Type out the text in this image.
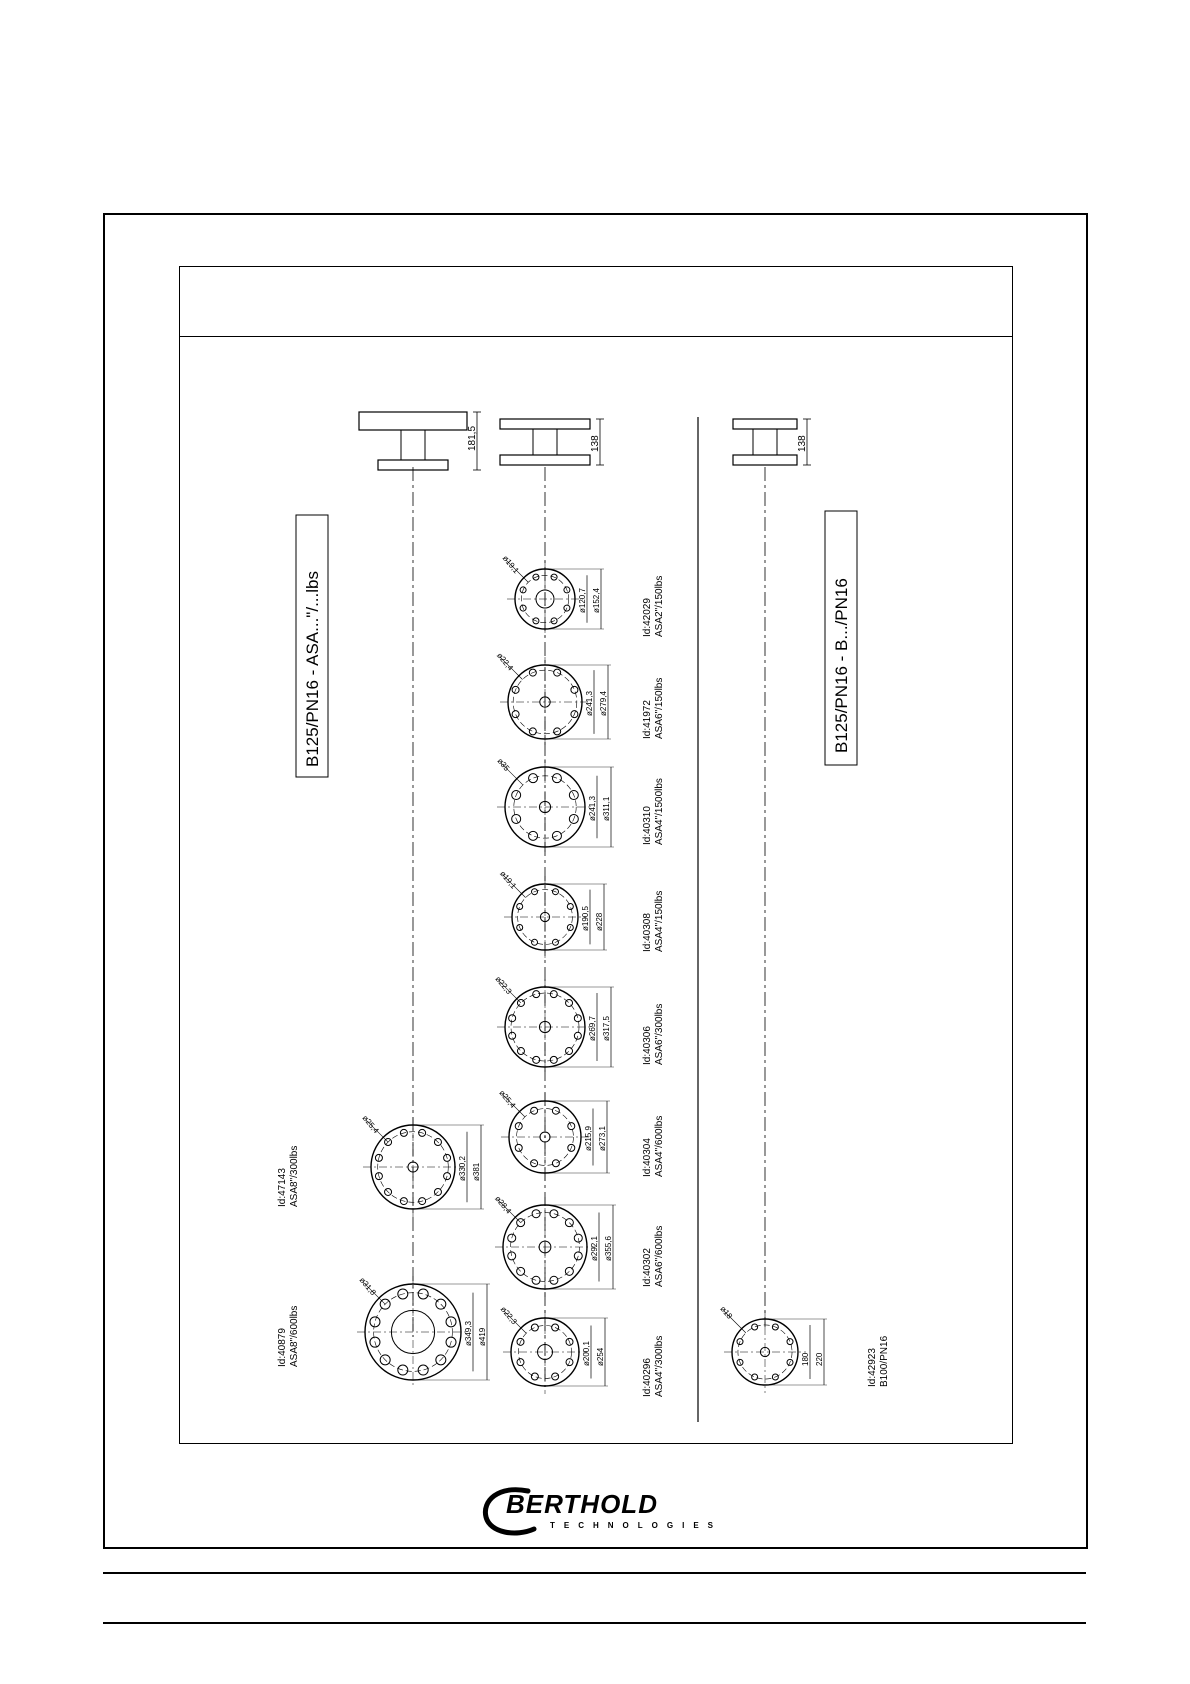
B125/PN16 - ASA..."/...lbs	B125/PN16 - B.../PN16
181,5	138	138
ø349,3 ø419
ø31,8
Id:40879 ASA8"/600lbs
ø330,2 ø381
ø25,4
Id:47143 ASA8"/300lbs
ø200,1 ø254
ø22,3
Id:40296 ASA4"/300lbs
ø292,1 ø355,6
ø28,4
Id:40302 ASA6"/600lbs
ø215,9 ø273,1
ø25,4
Id:40304 ASA4"/600lbs
ø269,7 ø317,5
ø22,3
Id:40306 ASA6"/300lbs
ø190,5 ø228
ø19,1
Id:40308 ASA4"/150lbs
ø241,3 ø311,1
ø35
Id:40310 ASA4"/1500lbs
ø241,3 ø279,4
ø22,4
Id:41972 ASA6"/150lbs
ø120,7 ø152,4
ø19,1
Id:42029 ASA2"/150lbs
180 220
ø18
Id:42923 B100/PN16
BERTHOLD
TECHNOLOGIES
